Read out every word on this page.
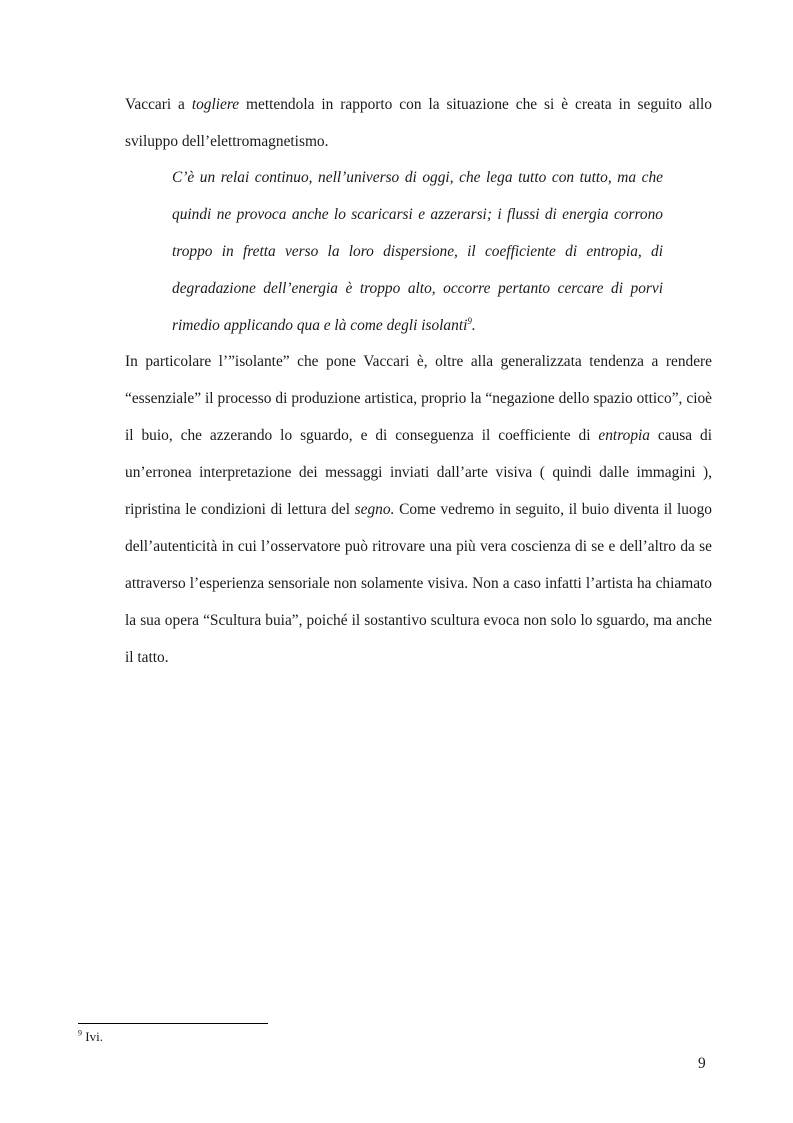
Vaccari a togliere mettendola in rapporto con la situazione che si è creata in seguito allo sviluppo dell’elettromagnetismo.

C’è un relai continuo, nell’universo di oggi, che lega tutto con tutto, ma che quindi ne provoca anche lo scaricarsi e azzerarsi; i flussi di energia corrono troppo in fretta verso la loro dispersione, il coefficiente di entropia, di degradazione dell’energia è troppo alto, occorre pertanto cercare di porvi rimedio applicando qua e là come degli isolanti$^9$.

In particolare l’”isolante” che pone Vaccari è, oltre alla generalizzata tendenza a rendere “essenziale” il processo di produzione artistica, proprio la “negazione dello spazio ottico”, cioè il buio, che azzerando lo sguardo, e di conseguenza il coefficiente di entropia causa di un’erronea interpretazione dei messaggi inviati dall’arte visiva ( quindi dalle immagini ), ripristina le condizioni di lettura del segno. Come vedremo in seguito, il buio diventa il luogo dell’autenticità in cui l’osservatore può ritrovare una più vera coscienza di se e dell’altro da se attraverso l’esperienza sensoriale non solamente visiva. Non a caso infatti l’artista ha chiamato la sua opera “Scultura buia”, poiché il sostantivo scultura evoca non solo lo sguardo, ma anche il tatto.

$^9$ Ivi.

9
